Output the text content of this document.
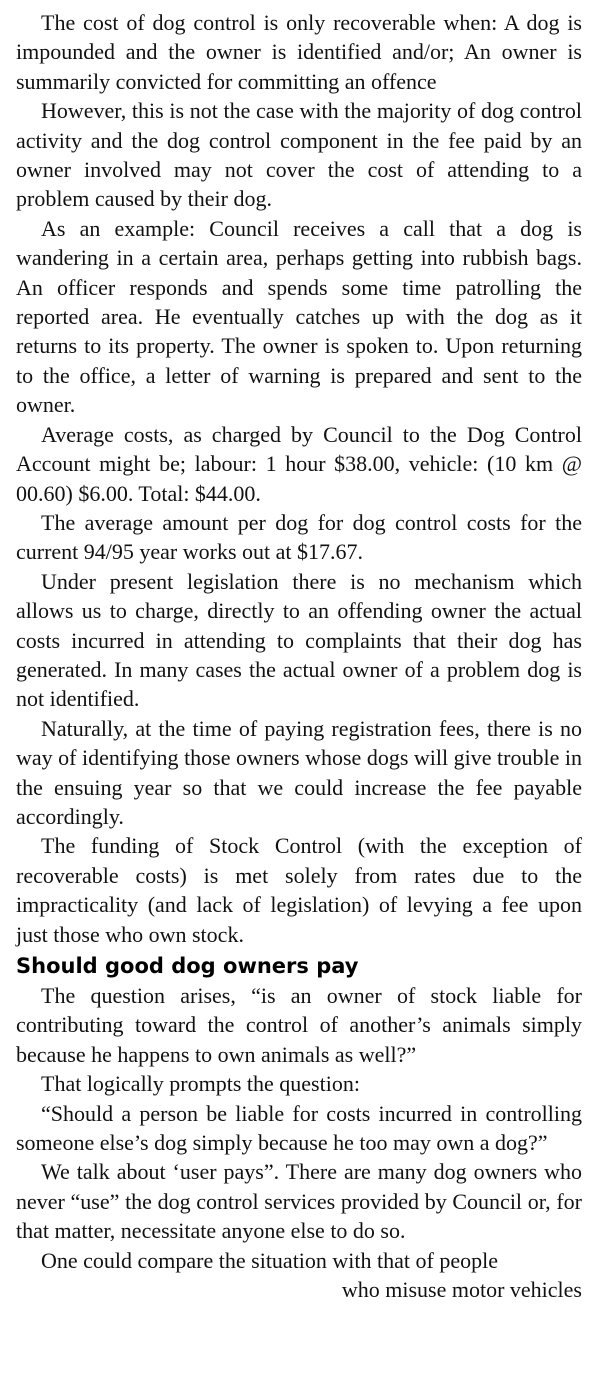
The cost of dog control is only recoverable when: A dog is impounded and the owner is identified and/or; An owner is summarily convicted for committing an offence

However, this is not the case with the majority of dog control activity and the dog control component in the fee paid by an owner involved may not cover the cost of attending to a problem caused by their dog.

As an example: Council receives a call that a dog is wandering in a certain area, perhaps getting into rubbish bags. An officer responds and spends some time patrolling the reported area. He eventually catches up with the dog as it returns to its property. The owner is spoken to. Upon returning to the office, a letter of warning is prepared and sent to the owner.

Average costs, as charged by Council to the Dog Control Account might be; labour: 1 hour $38.00, vehicle: (10 km @ 00.60) $6.00. Total: $44.00.

The average amount per dog for dog control costs for the current 94/95 year works out at $17.67.

Under present legislation there is no mechanism which allows us to charge, directly to an offending owner the actual costs incurred in attending to complaints that their dog has generated. In many cases the actual owner of a problem dog is not identified.

Naturally, at the time of paying registration fees, there is no way of identifying those owners whose dogs will give trouble in the ensuing year so that we could increase the fee payable accordingly.

The funding of Stock Control (with the exception of recoverable costs) is met solely from rates due to the impracticality (and lack of legislation) of levying a fee upon just those who own stock.

Should good dog owners pay

The question arises, “is an owner of stock liable for contributing toward the control of another’s animals simply because he happens to own animals as well?”

That logically prompts the question:

“Should a person be liable for costs incurred in controlling someone else’s dog simply because he too may own a dog?”

We talk about ‘user pays”. There are many dog owners who never “use” the dog control services provided by Council or, for that matter, necessitate anyone else to do so.

One could compare the situation with that of people

who misuse motor vehicles
